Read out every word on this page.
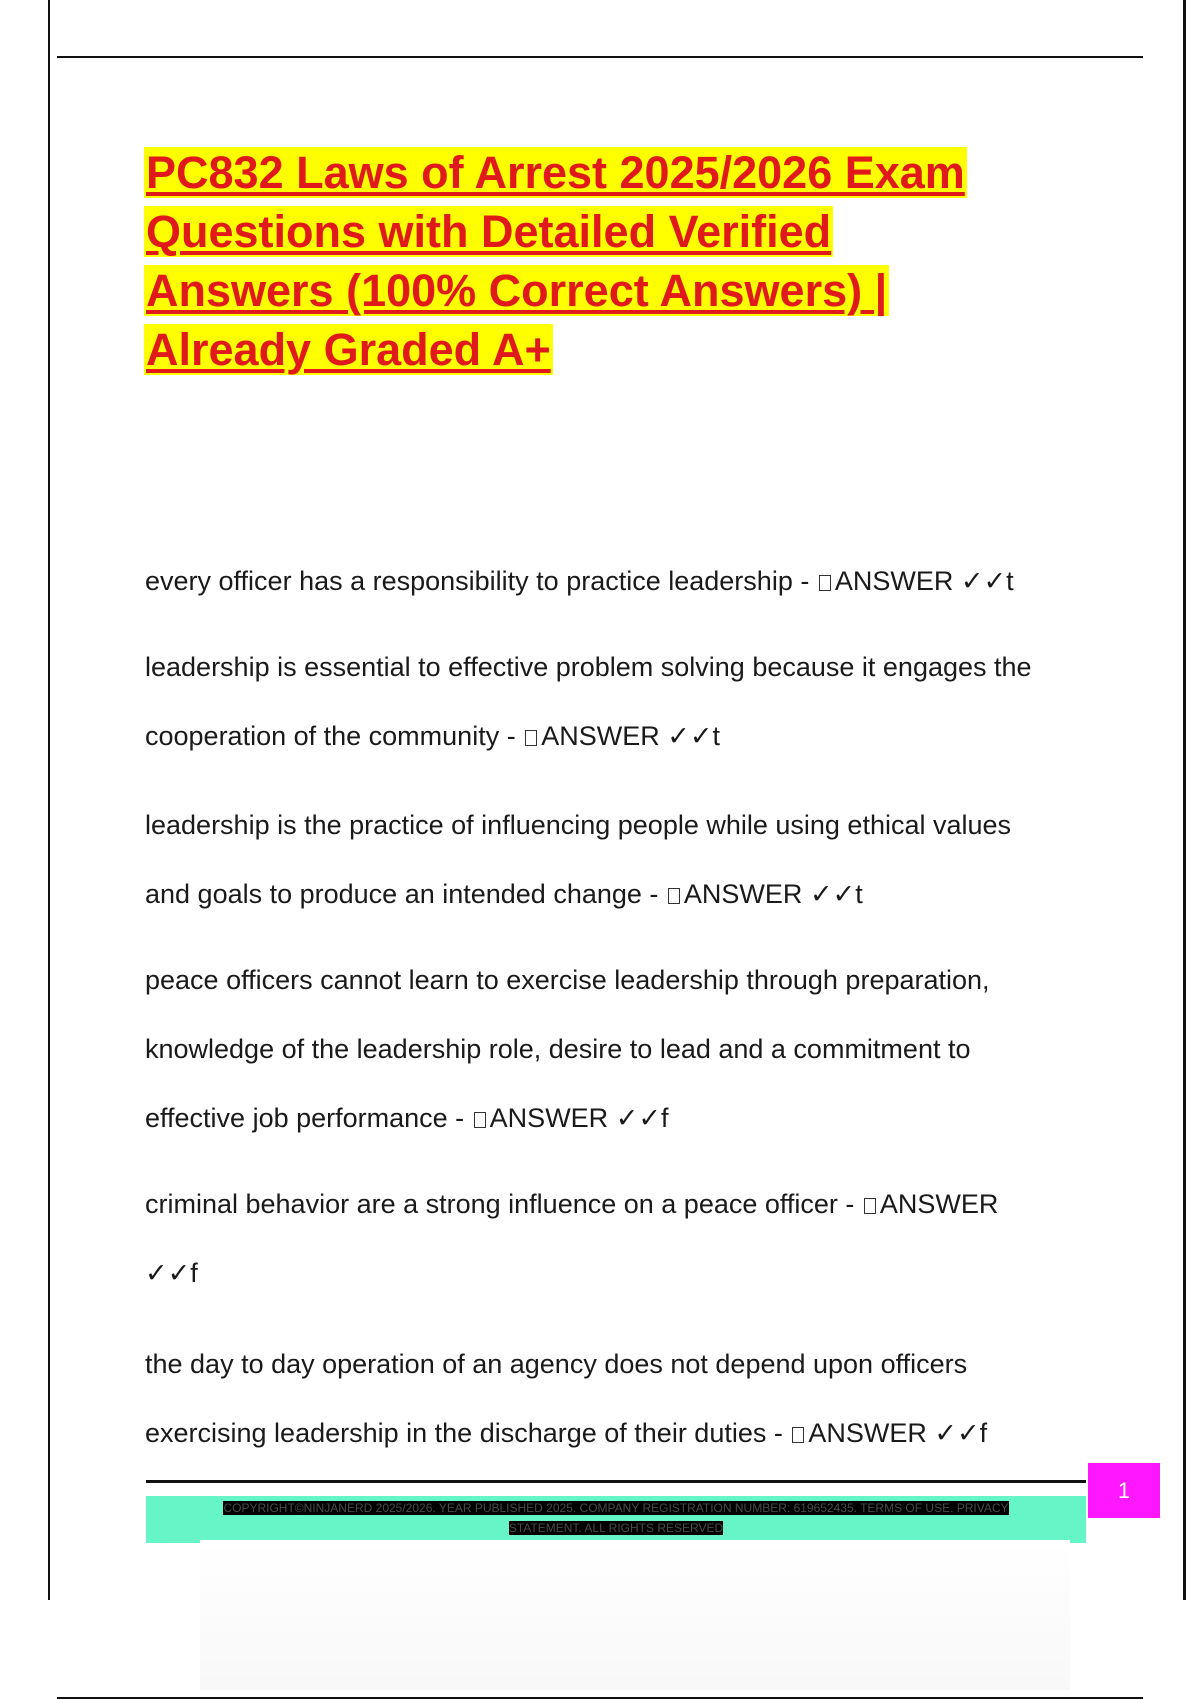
PC832 Laws of Arrest 2025/2026 Exam
Questions with Detailed Verified
Answers (100% Correct Answers) |
Already Graded A+

every officer has a responsibility to practice leadership - ANSWER ✓✓t

leadership is essential to effective problem solving because it engages the
cooperation of the community - ANSWER ✓✓t

leadership is the practice of influencing people while using ethical values
and goals to produce an intended change - ANSWER ✓✓t

peace officers cannot learn to exercise leadership through preparation,
knowledge of the leadership role, desire to lead and a commitment to
effective job performance - ANSWER ✓✓f

criminal behavior are a strong influence on a peace officer - ANSWER
✓✓f

the day to day operation of an agency does not depend upon officers
exercising leadership in the discharge of their duties - ANSWER ✓✓f

1
COPYRIGHT©NINJANERD 2025/2026. YEAR PUBLISHED 2025. COMPANY REGISTRATION NUMBER: 619652435. TERMS OF USE. PRIVACY
STATEMENT. ALL RIGHTS RESERVED
